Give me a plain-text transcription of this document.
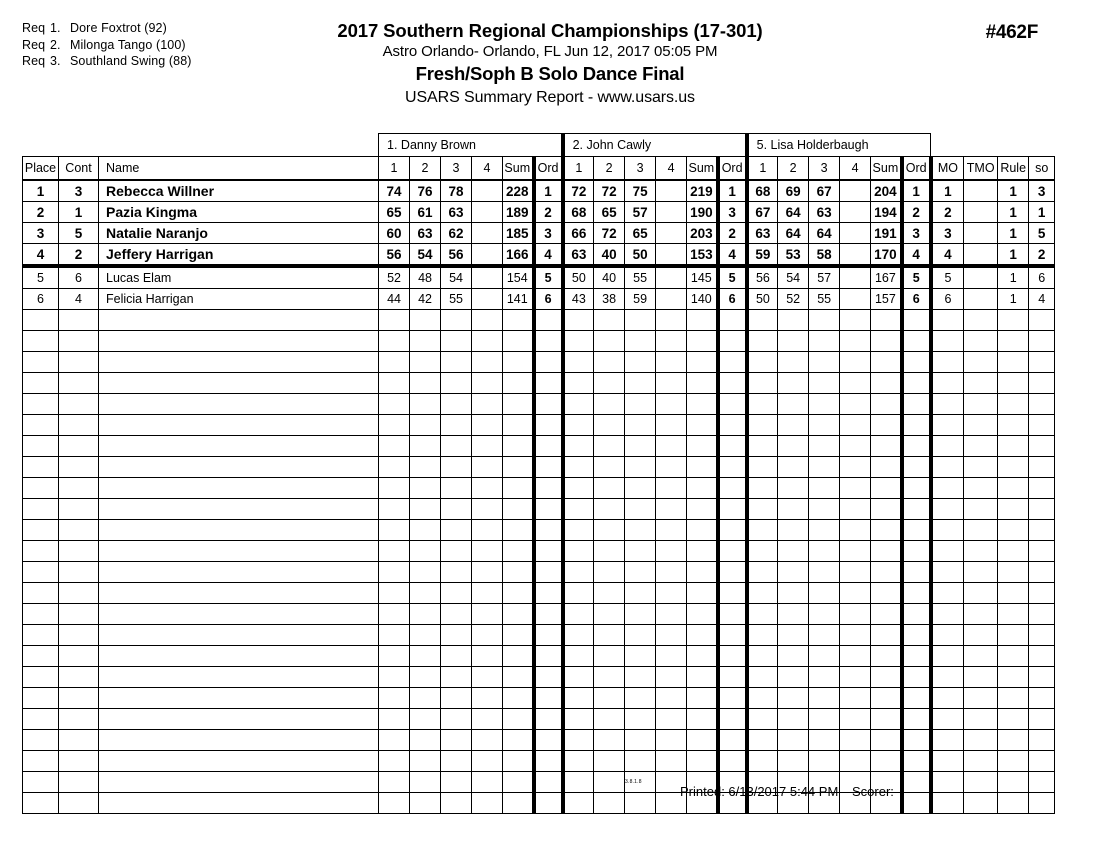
Req 1. Dore Foxtrot (92)
Req 2. Milonga Tango (100)
Req 3. Southland Swing (88)
2017 Southern Regional Championships (17-301)
Astro Orlando- Orlando, FL Jun 12, 2017 05:05 PM
Fresh/Soph B Solo Dance Final
USARS Summary Report - www.usars.us
#462F
			1. Danny Brown						2. John Cawly						5. Lisa Holderbaugh									
Place	Cont	Name	1	2	3	4	Sum	Ord	1	2	3	4	Sum	Ord	1	2	3	4	Sum	Ord	MO	TMO	Rule	so
1	3	Rebecca Willner	74	76	78		228	1	72	72	75		219	1	68	69	67		204	1	1		1	3
2	1	Pazia Kingma	65	61	63		189	2	68	65	57		190	3	67	64	63		194	2	2		1	1
3	5	Natalie Naranjo	60	63	62		185	3	66	72	65		203	2	63	64	64		191	3	3		1	5
4	2	Jeffery Harrigan	56	54	56		166	4	63	40	50		153	4	59	53	58		170	4	4		1	2
5	6	Lucas Elam	52	48	54		154	5	50	40	55		145	5	56	54	57		167	5	5		1	6
6	4	Felicia Harrigan	44	42	55		141	6	43	38	59		140	6	50	52	55		157	6	6		1	4

3.8.1.8
Printed: 6/13/2017 5:44 PM Scorer:
